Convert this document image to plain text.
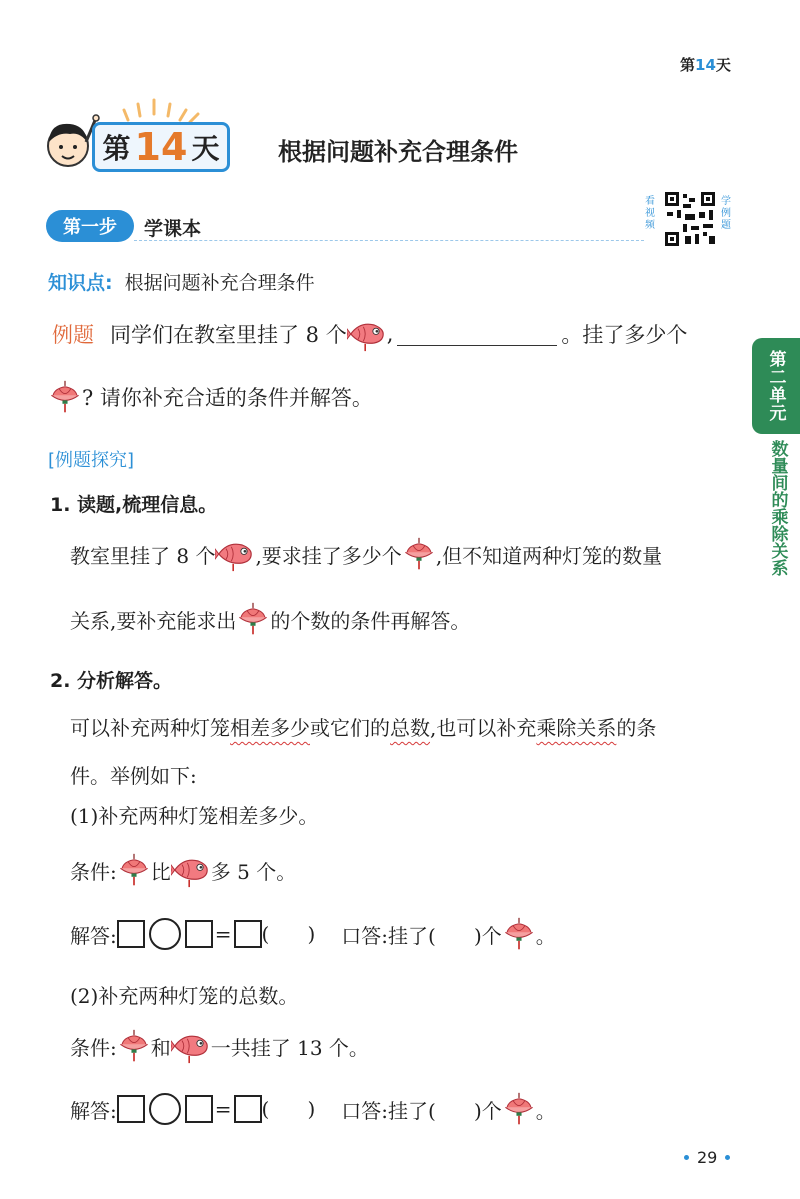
第14天
第 14 天 根据问题补充合理条件
第一步 学课本
看视频
学例题
知识点: 根据问题补充合理条件
例题 同学们在教室里挂了 8 个 ,	。挂了多少个
? 请你补充合适的条件并解答。
[例题探究]
1. 读题,梳理信息。
教室里挂了 8 个 ,要求挂了多少个 ,但不知道两种灯笼的数量
关系,要补充能求出 的个数的条件再解答。
2. 分析解答。
可以补充两种灯笼 相差多少 或它们的 总数 ,也可以补充 乘除关系 的条
件。举例如下:
(1)补充两种灯笼相差多少。
条件: 比 多 5 个。
解答:	= (      ) 口答:挂了(      )个 。
(2)补充两种灯笼的总数。
条件: 和 一共挂了 13 个。
解答:	= (      ) 口答:挂了(      )个 。
第二单元
数量间的乘除关系
29
